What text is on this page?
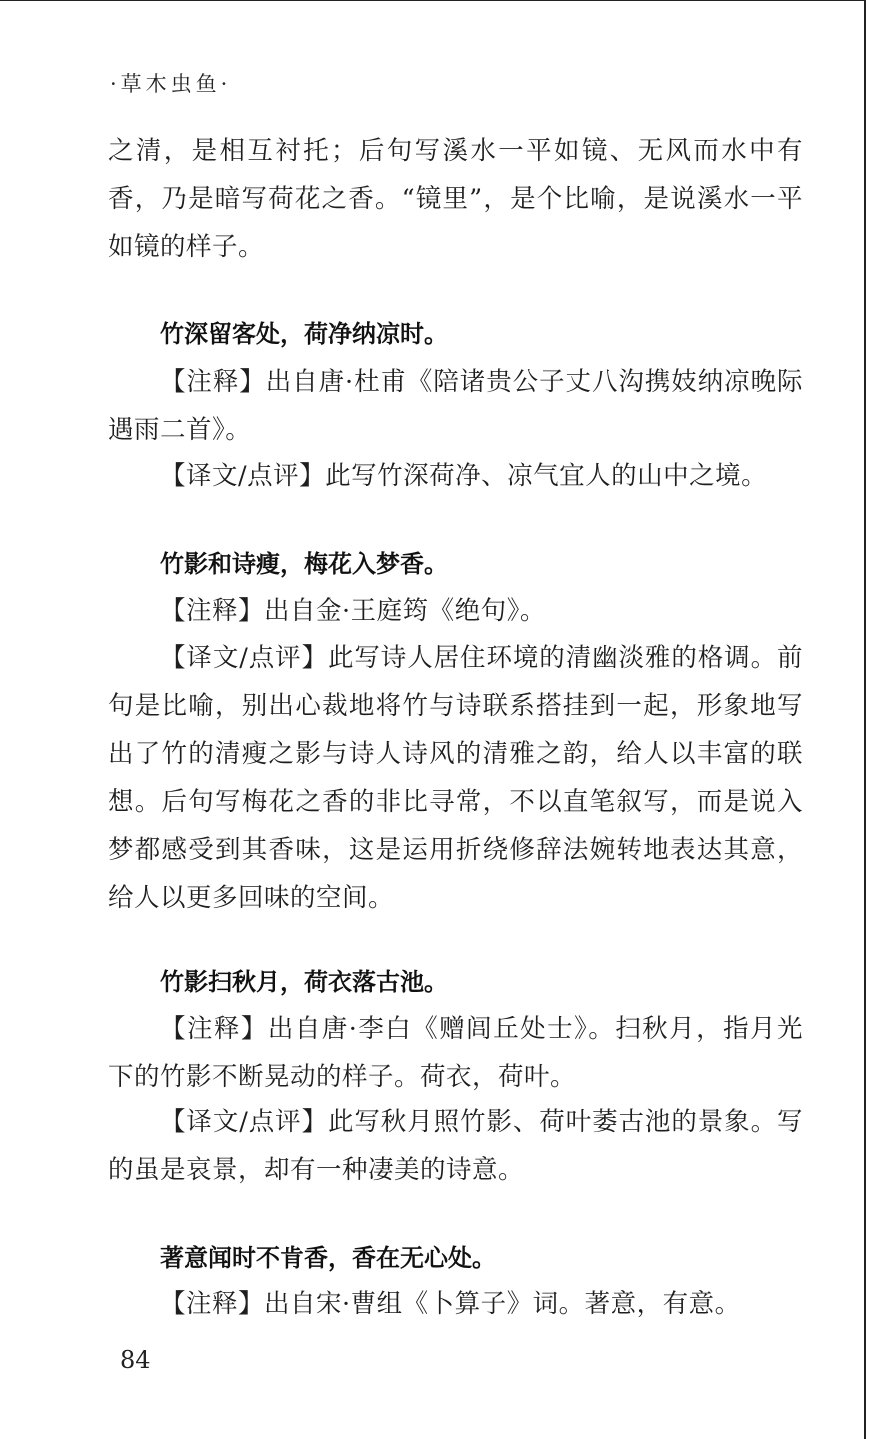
·草木虫鱼·

之清，是相互衬托；后句写溪水一平如镜、无风而水中有香，乃是暗写荷花之香。“镜里”，是个比喻，是说溪水一平如镜的样子。

竹深留客处，荷净纳凉时。

【注释】出自唐·杜甫《陪诸贵公子丈八沟携妓纳凉晚际遇雨二首》。

【译文/点评】此写竹深荷净、凉气宜人的山中之境。

竹影和诗瘦，梅花入梦香。

【注释】出自金·王庭筠《绝句》。

【译文/点评】此写诗人居住环境的清幽淡雅的格调。前句是比喻，别出心裁地将竹与诗联系搭挂到一起，形象地写出了竹的清瘦之影与诗人诗风的清雅之韵，给人以丰富的联想。后句写梅花之香的非比寻常，不以直笔叙写，而是说入梦都感受到其香味，这是运用折绕修辞法婉转地表达其意，给人以更多回味的空间。

竹影扫秋月，荷衣落古池。

【注释】出自唐·李白《赠闾丘处士》。扫秋月，指月光下的竹影不断晃动的样子。荷衣，荷叶。

【译文/点评】此写秋月照竹影、荷叶萎古池的景象。写的虽是哀景，却有一种凄美的诗意。

著意闻时不肯香，香在无心处。

【注释】出自宋·曹组《卜算子》词。著意，有意。

84
